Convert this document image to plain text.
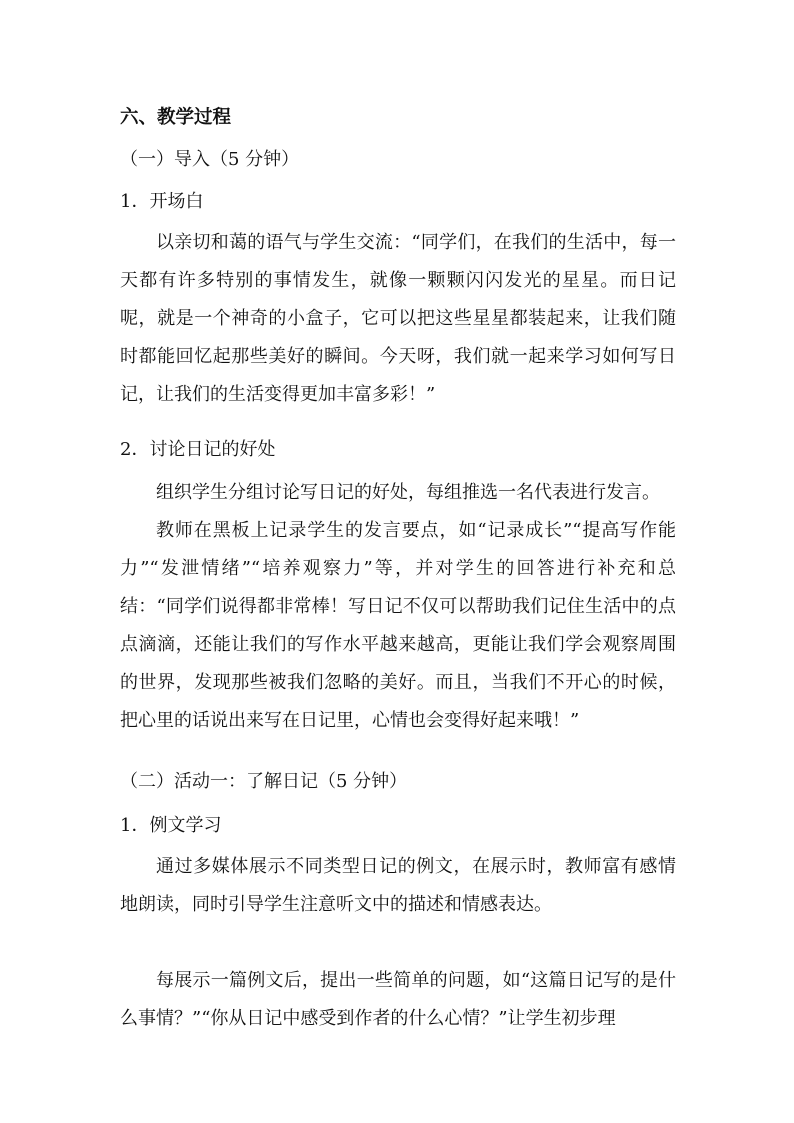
六、教学过程
（一）导入（5 分钟）
1．开场白
以亲切和蔼的语气与学生交流：“同学们，在我们的生活中，每一天都有许多特别的事情发生，就像一颗颗闪闪发光的星星。而日记呢，就是一个神奇的小盒子，它可以把这些星星都装起来，让我们随时都能回忆起那些美好的瞬间。今天呀，我们就一起来学习如何写日记，让我们的生活变得更加丰富多彩！”
2．讨论日记的好处
组织学生分组讨论写日记的好处，每组推选一名代表进行发言。
教师在黑板上记录学生的发言要点，如“记录成长”“提高写作能力”“发泄情绪”“培养观察力”等，并对学生的回答进行补充和总结：“同学们说得都非常棒！写日记不仅可以帮助我们记住生活中的点点滴滴，还能让我们的写作水平越来越高，更能让我们学会观察周围的世界，发现那些被我们忽略的美好。而且，当我们不开心的时候，把心里的话说出来写在日记里，心情也会变得好起来哦！”
（二）活动一：了解日记（5 分钟）
1．例文学习
通过多媒体展示不同类型日记的例文，在展示时，教师富有感情地朗读，同时引导学生注意听文中的描述和情感表达。
每展示一篇例文后，提出一些简单的问题，如“这篇日记写的是什么事情？”“你从日记中感受到作者的什么心情？”让学生初步理
